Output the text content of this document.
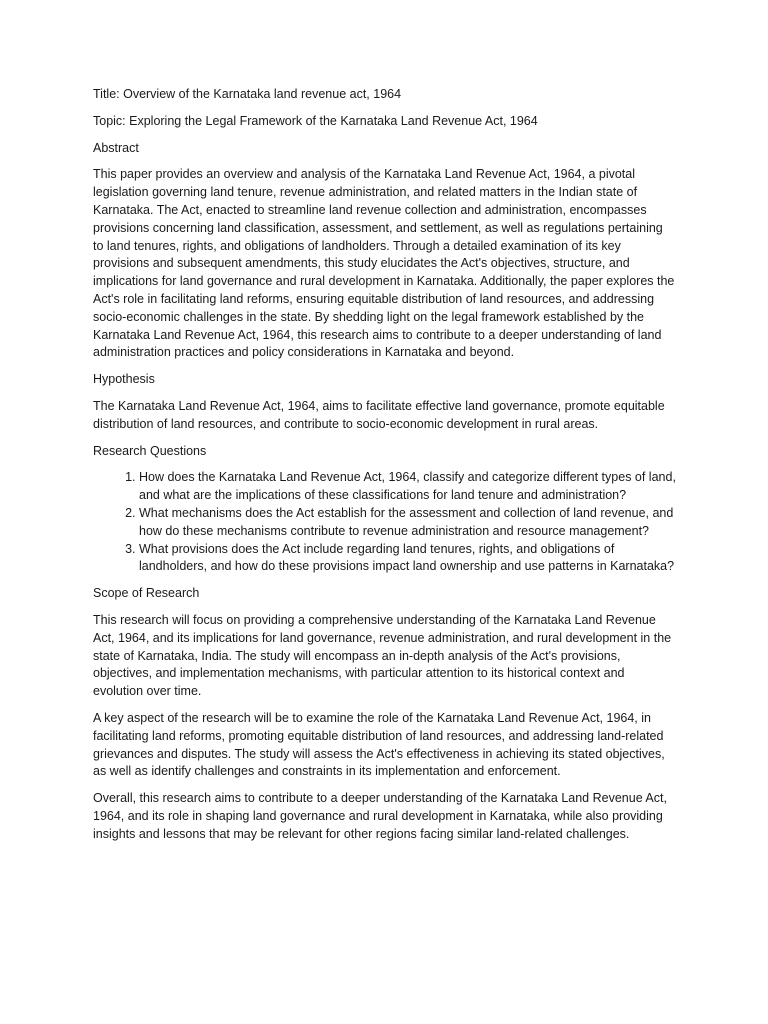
Title: Overview of the Karnataka land revenue act, 1964

Topic: Exploring the Legal Framework of the Karnataka Land Revenue Act, 1964

Abstract

This paper provides an overview and analysis of the Karnataka Land Revenue Act, 1964, a pivotal legislation governing land tenure, revenue administration, and related matters in the Indian state of Karnataka. The Act, enacted to streamline land revenue collection and administration, encompasses provisions concerning land classification, assessment, and settlement, as well as regulations pertaining to land tenures, rights, and obligations of landholders. Through a detailed examination of its key provisions and subsequent amendments, this study elucidates the Act's objectives, structure, and implications for land governance and rural development in Karnataka. Additionally, the paper explores the Act's role in facilitating land reforms, ensuring equitable distribution of land resources, and addressing socio-economic challenges in the state. By shedding light on the legal framework established by the Karnataka Land Revenue Act, 1964, this research aims to contribute to a deeper understanding of land administration practices and policy considerations in Karnataka and beyond.

Hypothesis

The Karnataka Land Revenue Act, 1964, aims to facilitate effective land governance, promote equitable distribution of land resources, and contribute to socio-economic development in rural areas.

Research Questions

1. How does the Karnataka Land Revenue Act, 1964, classify and categorize different types of land, and what are the implications of these classifications for land tenure and administration?
2. What mechanisms does the Act establish for the assessment and collection of land revenue, and how do these mechanisms contribute to revenue administration and resource management?
3. What provisions does the Act include regarding land tenures, rights, and obligations of landholders, and how do these provisions impact land ownership and use patterns in Karnataka?

Scope of Research

This research will focus on providing a comprehensive understanding of the Karnataka Land Revenue Act, 1964, and its implications for land governance, revenue administration, and rural development in the state of Karnataka, India. The study will encompass an in-depth analysis of the Act's provisions, objectives, and implementation mechanisms, with particular attention to its historical context and evolution over time.

A key aspect of the research will be to examine the role of the Karnataka Land Revenue Act, 1964, in facilitating land reforms, promoting equitable distribution of land resources, and addressing land-related grievances and disputes. The study will assess the Act's effectiveness in achieving its stated objectives, as well as identify challenges and constraints in its implementation and enforcement.

Overall, this research aims to contribute to a deeper understanding of the Karnataka Land Revenue Act, 1964, and its role in shaping land governance and rural development in Karnataka, while also providing insights and lessons that may be relevant for other regions facing similar land-related challenges.
